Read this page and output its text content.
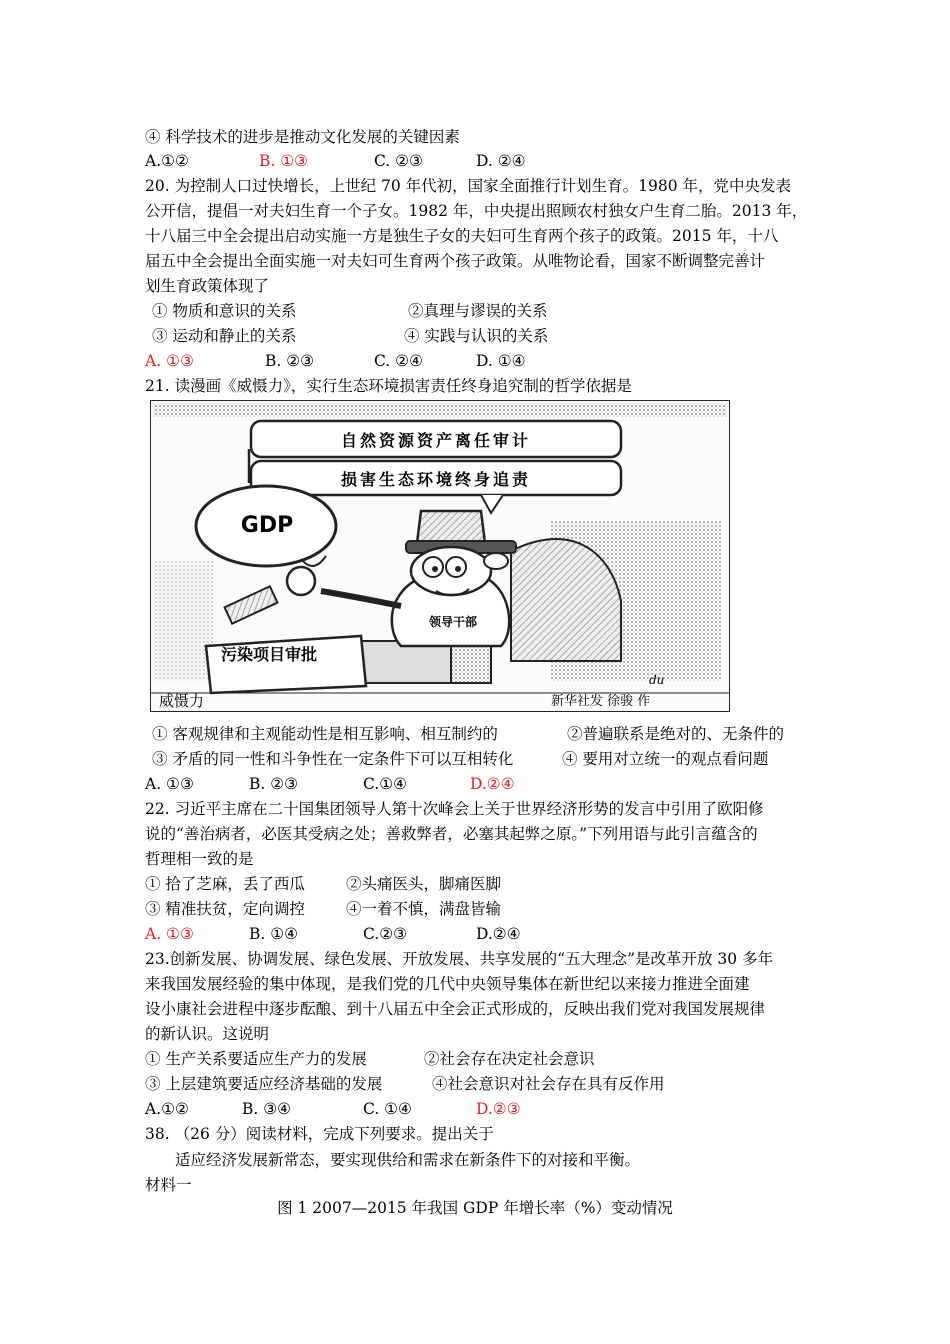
④ 科学技术的进步是推动文化发展的关键因素
A.①②	B. ①③	C. ②③	D. ②④
20. 为控制人口过快增长，上世纪 70 年代初，国家全面推行计划生育。1980 年，党中央发表
公开信，提倡一对夫妇生育一个子女。1982 年，中央提出照顾农村独女户生育二胎。2013 年，
十八届三中全会提出启动实施一方是独生子女的夫妇可生育两个孩子的政策。2015 年，十八
届五中全会提出全面实施一对夫妇可生育两个孩子政策。从唯物论看，国家不断调整完善计
划生育政策体现了
① 物质和意识的关系	②真理与谬误的关系
③ 运动和静止的关系	④ 实践与认识的关系
A. ①③	B. ②③	C. ②④	D. ①④
21. 读漫画《威慑力》，实行生态环境损害责任终身追究制的哲学依据是
自然资源资产离任审计
损害生态环境终身追责
GDP
领导干部
污染项目审批
威慑力	新华社发 徐骏 作
du
① 客观规律和主观能动性是相互影响、相互制约的	②普遍联系是绝对的、无条件的
③ 矛盾的同一性和斗争性在一定条件下可以互相转化	④ 要用对立统一的观点看问题
A. ①③	B. ②③	C.①④	D.②④
22. 习近平主席在二十国集团领导人第十次峰会上关于世界经济形势的发言中引用了欧阳修
说的“善治病者，必医其受病之处；善救弊者，必塞其起弊之原。”下列用语与此引言蕴含的
哲理相一致的是
① 拾了芝麻，丢了西瓜	②头痛医头，脚痛医脚
③ 精准扶贫，定向调控	④一着不慎，满盘皆输
A. ①③	B. ①④	C.②③	D.②④
23.创新发展、协调发展、绿色发展、开放发展、共享发展的“五大理念”是改革开放 30 多年
来我国发展经验的集中体现，是我们党的几代中央领导集体在新世纪以来接力推进全面建
设小康社会进程中逐步酝酿、到十八届五中全会正式形成的，反映出我们党对我国发展规律
的新认识。这说明
① 生产关系要适应生产力的发展	②社会存在决定社会意识
③ 上层建筑要适应经济基础的发展	④社会意识对社会存在具有反作用
A.①②	B. ③④	C. ①④	D.②③
38. （26 分）阅读材料，完成下列要求。提出关于
适应经济发展新常态，要实现供给和需求在新条件下的对接和平衡。
材料一
图 1 2007—2015 年我国 GDP 年增长率（%）变动情况
